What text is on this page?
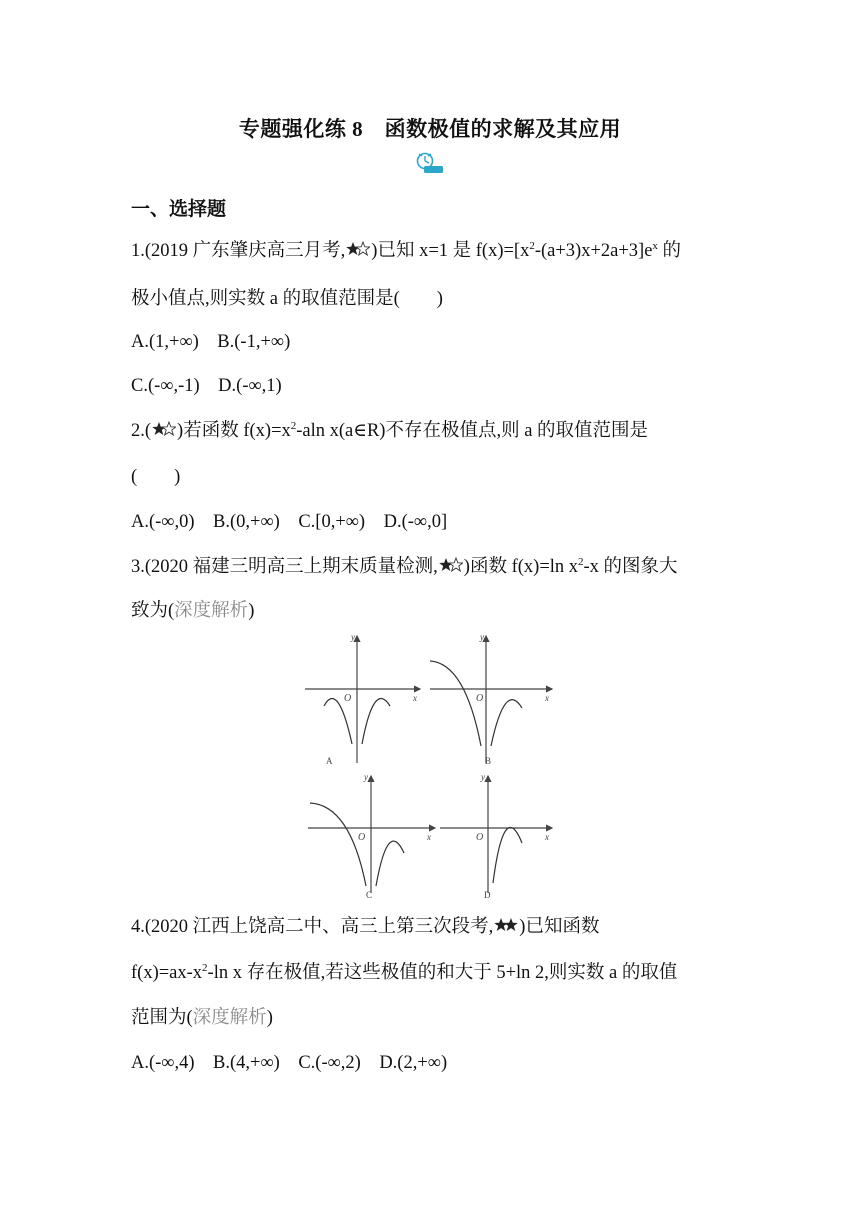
专题强化练 8　函数极值的求解及其应用
一、选择题
1.(2019 广东肇庆高三月考, )已知 x=1 是 $f(x)=[x^2-(a+3)x+2a+3]e^x$ 的
极小值点,则实数 a 的取值范围是(　　)
A.(1,+∞)　B.(-1,+∞)
C.(-∞,-1)　D.(-∞,1)
2.( )若函数 $f(x)=x^2$-aln x(a∈R)不存在极值点,则 a 的取值范围是
(　　)
A.(-∞,0)　B.(0,+∞)　C.[0,+∞)　D.(-∞,0]
3.(2020 福建三明高三上期末质量检测, )函数 f(x)=ln $x^2-x$ 的图象大
致为(深度解析)
y
x
O
A
y
x
O
B
y
x
O
C
y
x
O
D
4.(2020 江西上饶高二中、高三上第三次段考, )已知函数
$f(x)=ax-x^2-\ln$ x 存在极值,若这些极值的和大于 5+ln 2,则实数 a 的取值
范围为(深度解析)
A.(-∞,4)　B.(4,+∞)　C.(-∞,2)　D.(2,+∞)
